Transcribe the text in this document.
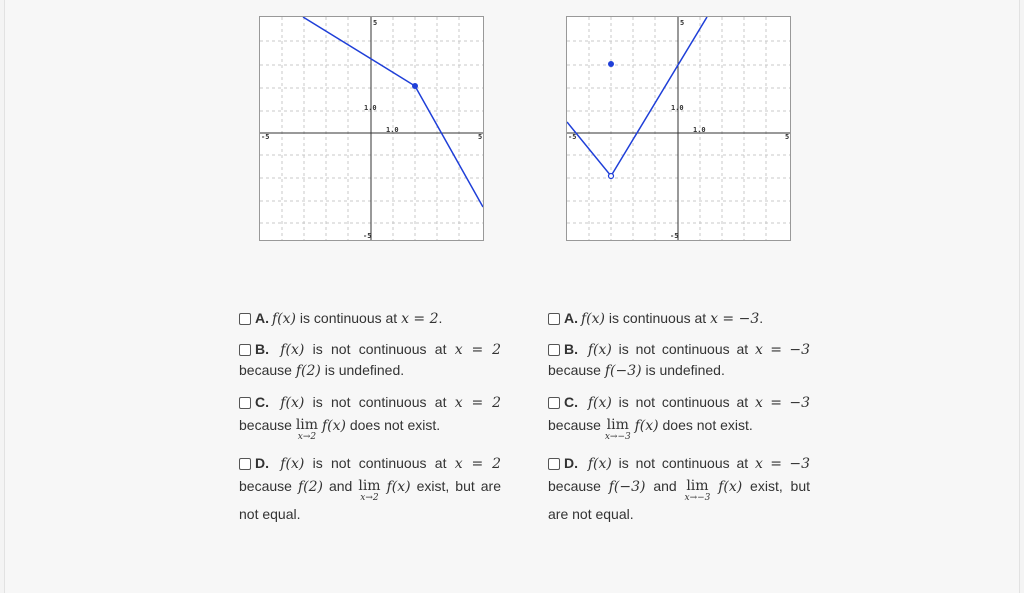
-5	5
5
-5
1.0
1.0
-5	5
5
-5
1.0
1.0
A. f(x) is continuous at x = 2.
B. f(x) is not continuous at x = 2 because f(2) is undefined.
C. f(x) is not continuous at x = 2 because lim
x→2
f(x) does not exist.
D. f(x) is not continuous at x = 2 because f(2) and lim
x→2
f(x) exist, but are not equal.
A. f(x) is continuous at x = −3.
B. f(x) is not continuous at x = −3 because f(−3) is undefined.
C. f(x) is not continuous at x = −3 because lim
x→−3
f(x) does not exist.
D. f(x) is not continuous at x = −3 because f(−3) and lim
x→−3
f(x) exist, but are not equal.
